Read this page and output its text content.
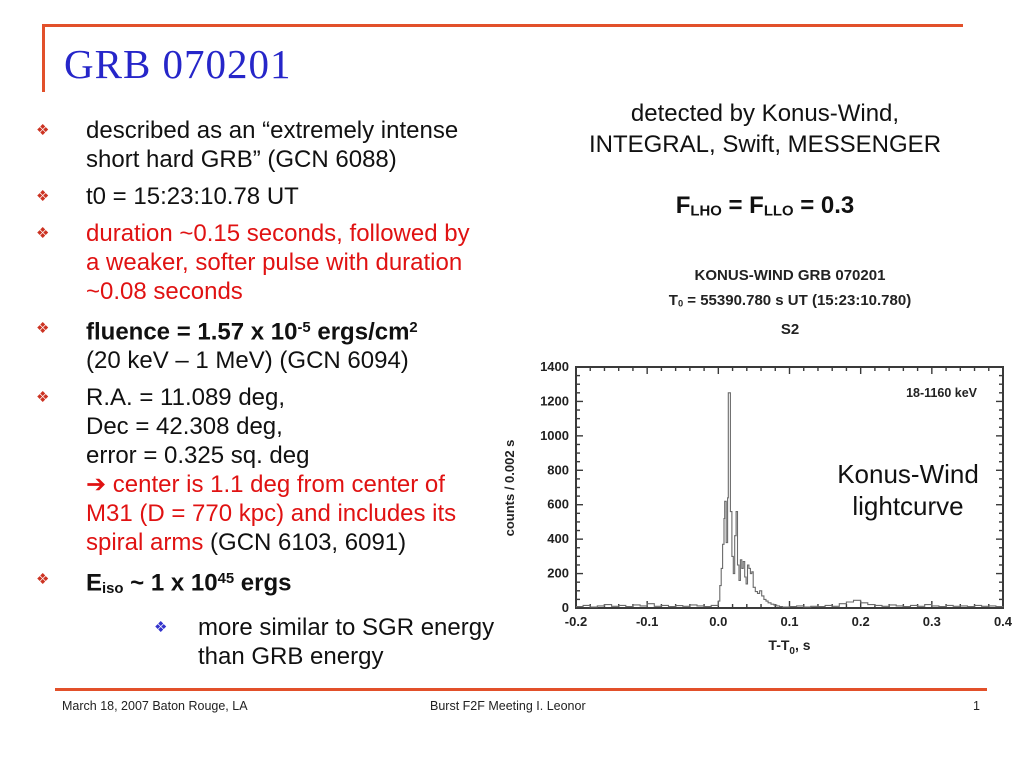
GRB 070201
❖	described as an “extremely intense
short hard GRB” (GCN 6088)
❖	t0 = 15:23:10.78 UT
❖	duration ~0.15 seconds, followed by
a weaker, softer pulse with duration
~0.08 seconds
❖	fluence = 1.57 x $10^{-5}$ ergs/$cm^2$
(20 keV – 1 MeV) (GCN 6094)
❖	R.A. = 11.089 deg,
Dec = 42.308 deg,
error = 0.325 sq. deg
➔ center is 1.1 deg from center of
M31 (D = 770 kpc) and includes its
spiral arms (GCN 6103, 6091)
❖	Eiso ~ 1 x $10^{45}$ ergs
❖	more similar to SGR energy
than GRB energy
detected by Konus-Wind,
INTEGRAL, Swift, MESSENGER
FLHO = FLLO = 0.3
KONUS-WIND GRB 070201
T0 = 55390.780 s UT (15:23:10.780)
S2
-0.2	-0.1	0.0	0.1	0.2	0.3	0.4
0
200
400
600
800
1000
1200
1400
18-1160 keV
counts / 0.002 s
$T-T_0$, s
Konus-Wind
lightcurve
March 18, 2007 Baton Rouge, LA	Burst F2F Meeting I. Leonor	1
